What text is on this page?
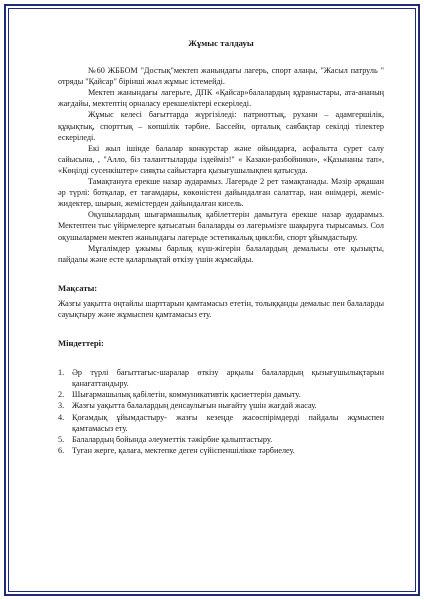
Жұмыс талдауы

№60 ЖББОМ "Достық"мектеп жанындағы лагерь, спорт алаңы, "Жасыл патруль " отряды "Қайсар" бірінші жыл жұмыс істемейді.

Мектеп жанындағы лагерьге, ДПК «Қайсар»балалардың құраныстары, ата-ананың жағдайы, мектептің орналасу ерекшеліктері ескеріледі.

Жұмыс келесі бағыттарда жүргізіледі: патриоттық, рухани – адамгершілік, құқықтық, спорттық – көпшілік тәрбие. Бассейн, орталық саябақтар секілді тілектер ескеріледі.

Екі жыл ішінде балалар конкурстар және ойындарға, асфальтта сурет салу сайысына, , "Алло, біз таланттыларды іздейміз!" « Казаки-разбойники», «Қазынаны тап», «Көңілді сусенкіштер» сияқты сайыстарға қызығушылықпен қатысуда.

Тамақтануға ерекше назар аударамыз. Лагерьде 2 рет тамақтанады. Мәзір әрқашан әр түрлі: ботқалар, ет тағамдары, көкөністен дайындалған салаттар, нан өнімдері, жеміс-жидектер, шырын, жемістерден дайындалған кисель.

Оқушылардың шығармашылық қабілеттерін дамытуға ерекше назар аударамыз. Мектептен тыс үйірмелерге қатысатын балаларды өз лагерьмізге шақыруға тырысамыз. Сол оқушылармен мектеп жанындағы лагерьде эстетикалық цикл:би, спорт ұйымдастыру.

Мұғалімдер ұжымы барлық күш-жігерін балалардың демалысы өте қызықты, пайдалы және есте қаларлықтай өткізу үшін жұмсайды.

Мақсаты:

Жазғы уақытта оңтайлы шарттарын қамтамасыз ететін, толыққанды демалыс пен балаларды сауықтыру және жұмыспен қамтамасыз ету.

Міндеттері:
1. Әр түрлі бағыттағыс-шаралар өткізу арқылы балалардың қызығушылықтарын қанағаттандыру.
2. Шығармашылық қабілетін, коммуникативтік қасиеттерін дамыту.
3. Жазғы уақытта балалардың денсаулығын нығайту үшін жағдай жасау.
4. Қоғамдық ұйымдастыру- жазғы кезеңде жасөспірімдерді пайдалы жұмыспен қамтамасыз ету.
5. Балалардың бойында әлеуметтік тәжірбие қалыптастыру.
6. Туған жерге, қалаға, мектепке деген сүйіспеншілікке тәрбиелеу.
